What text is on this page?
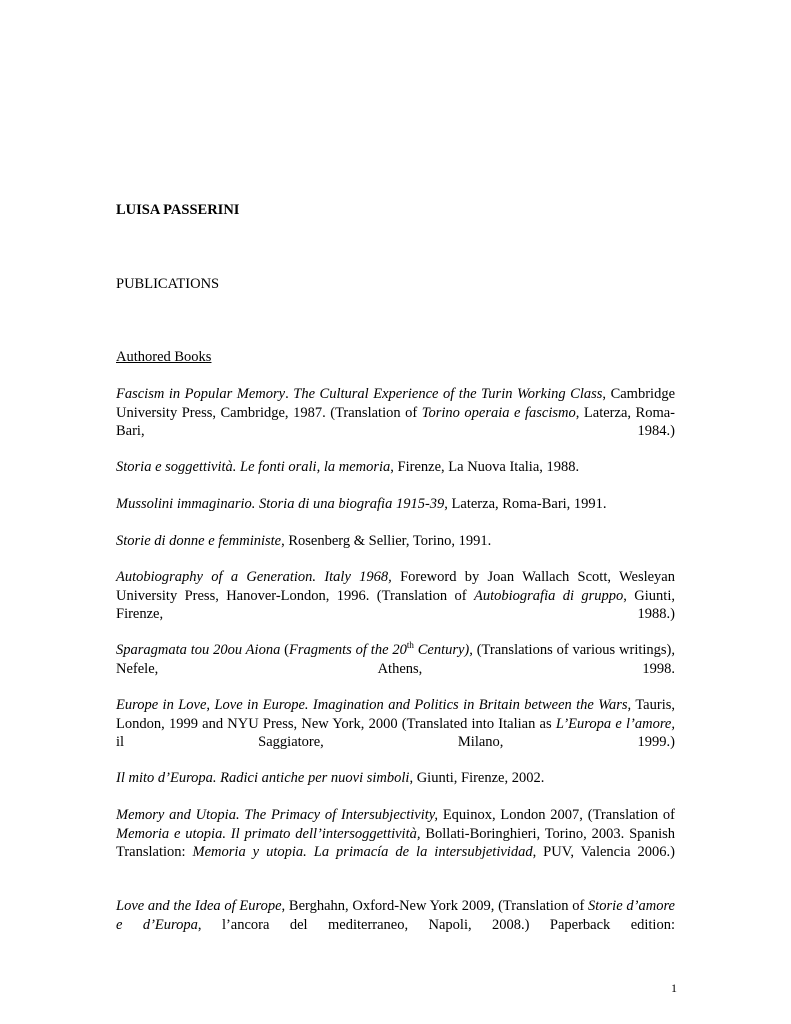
LUISA PASSERINI
PUBLICATIONS
Authored Books
Fascism in Popular Memory. The Cultural Experience of the Turin Working Class, Cambridge University Press, Cambridge, 1987. (Translation of Torino operaia e fascismo, Laterza, Roma-Bari, 1984.)
Storia e soggettività. Le fonti orali, la memoria, Firenze, La Nuova Italia, 1988.
Mussolini immaginario. Storia di una biografia 1915-39, Laterza, Roma-Bari, 1991.
Storie di donne e femministe, Rosenberg & Sellier, Torino, 1991.
Autobiography of a Generation. Italy 1968, Foreword by Joan Wallach Scott, Wesleyan University Press, Hanover-London, 1996. (Translation of Autobiografia di gruppo, Giunti, Firenze, 1988.)
Sparagmata tou 20ou Aiona (Fragments of the 20th Century), (Translations of various writings), Nefele, Athens, 1998.
Europe in Love, Love in Europe. Imagination and Politics in Britain between the Wars, Tauris, London, 1999 and NYU Press, New York, 2000 (Translated into Italian as L’Europa e l’amore, il Saggiatore, Milano, 1999.)
Il mito d’Europa. Radici antiche per nuovi simboli, Giunti, Firenze, 2002.
Memory and Utopia. The Primacy of Intersubjectivity, Equinox, London 2007, (Translation of Memoria e utopia. Il primato dell’intersoggettività, Bollati-Boringhieri, Torino, 2003. Spanish Translation: Memoria y utopia. La primacía de la intersubjetividad, PUV, Valencia 2006.)
Love and the Idea of Europe, Berghahn, Oxford-New York 2009, (Translation of Storie d’amore e d’Europa, l’ancora del mediterraneo, Napoli, 2008.) Paperback edition:
1
